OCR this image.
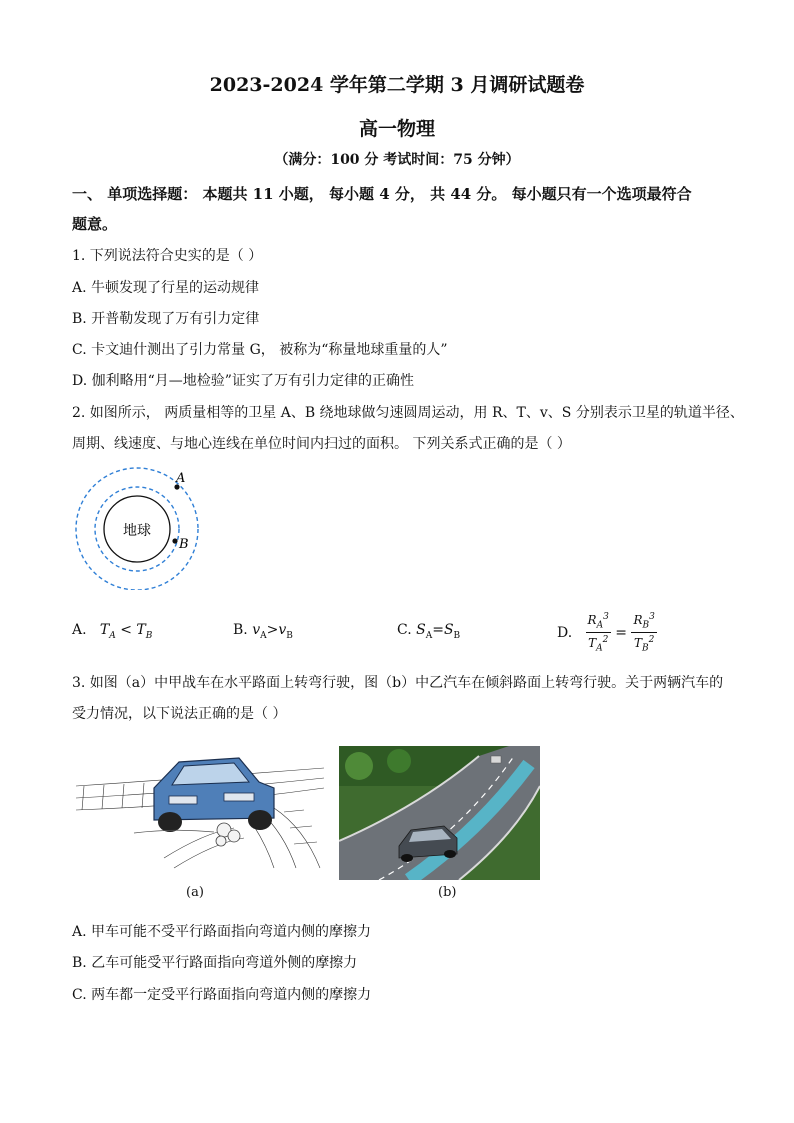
2023-2024 学年第二学期 3 月调研试题卷
高一物理
（满分：100 分 考试时间：75 分钟）
一、 单项选择题： 本题共 11 小题， 每小题 4 分， 共 44 分。 每小题只有一个选项最符合
题意。
1. 下列说法符合史实的是（ ）
A. 牛顿发现了行星的运动规律
B. 开普勒发现了万有引力定律
C. 卡文迪什测出了引力常量 G， 被称为“称量地球重量的人”
D. 伽利略用“月—地检验”证实了万有引力定律的正确性
2. 如图所示， 两质量相等的卫星 A、B 绕地球做匀速圆周运动，用 R、T、v、S 分别表示卫星的轨道半径、
周期、线速度、与地心连线在单位时间内扫过的面积。 下列关系式正确的是（ ）
地球
A
B
A. $T_A < T_B$	B. $v_A>v_B$	C. $S_A=S_B$	D. $\frac{R_A^3}{T_A^2} = \frac{R_B^3}{T_B^2}$
3. 如图（a）中甲战车在水平路面上转弯行驶，图（b）中乙汽车在倾斜路面上转弯行驶。关于两辆汽车的
受力情况，以下说法正确的是（ ）
(a)	(b)
A. 甲车可能不受平行路面指向弯道内侧的摩擦力
B. 乙车可能受平行路面指向弯道外侧的摩擦力
C. 两车都一定受平行路面指向弯道内侧的摩擦力
